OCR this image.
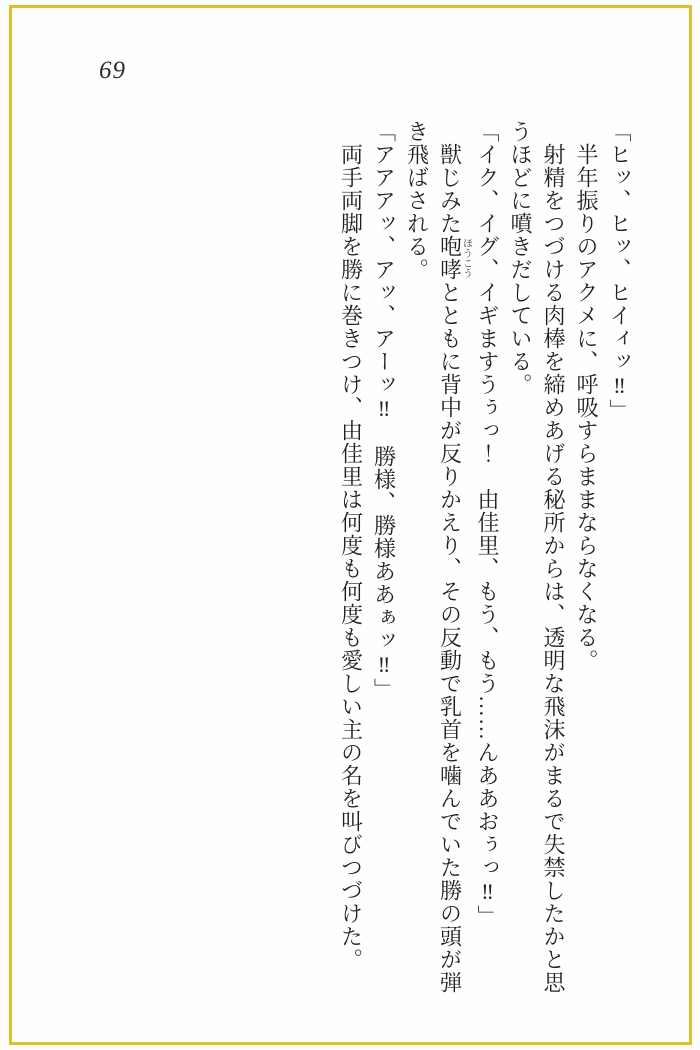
69

「ヒッ、ヒッ、ヒイィッ‼」

半年振りのアクメに、呼吸すらままならなくなる。

射精をつづける肉棒を締めあげる秘所からは、透明な飛沫がまるで失禁したかと思うほどに噴きだしている。

「イク、イグ、イギますうぅっ！　由佳里、もう、もう……んああおぅっ‼」

獣じみた咆哮ほうこうとともに背中が反りかえり、その反動で乳首を噛んでいた勝の頭が弾き飛ばされる。

「アアアッ、アッ、アーッ‼　勝様、勝様ああぁッ‼」

両手両脚を勝に巻きつけ、由佳里は何度も何度も愛しい主の名を叫びつづけた。
